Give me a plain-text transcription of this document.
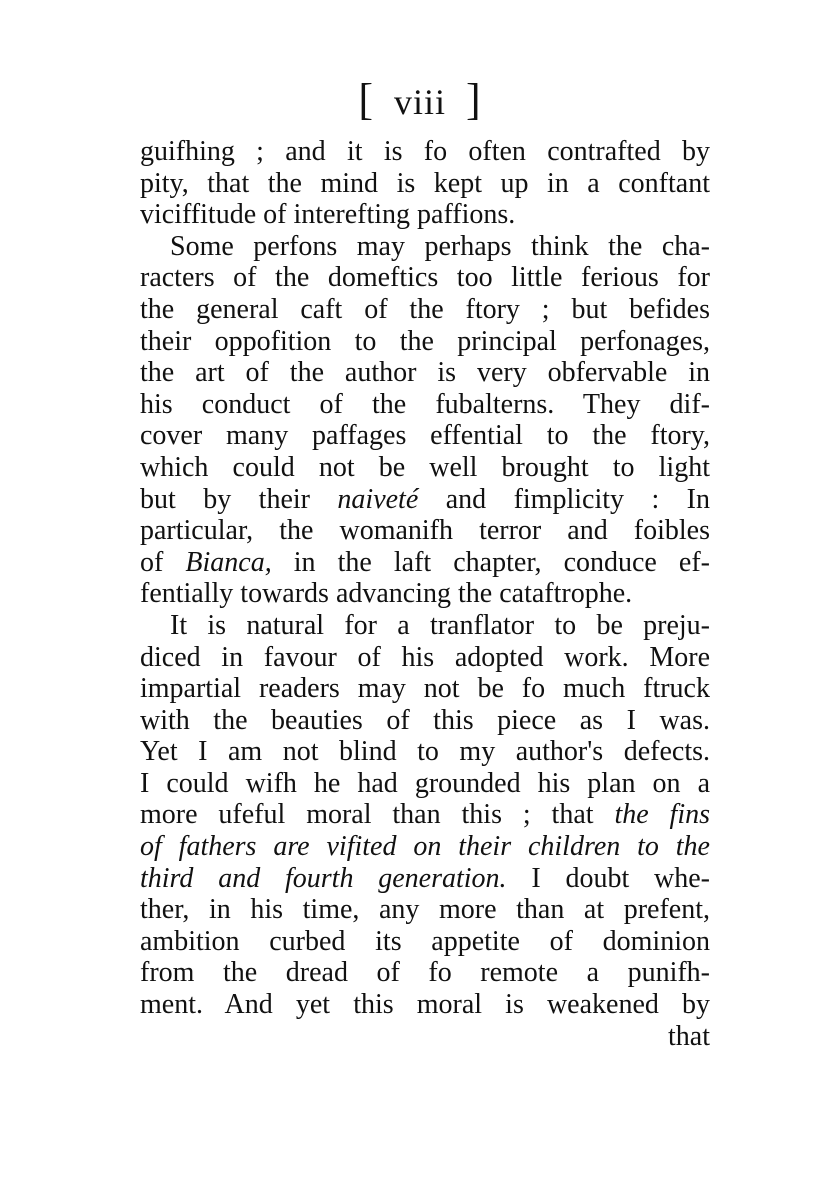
[ viii ]
guifhing ; and it is fo often contrafted by
pity, that the mind is kept up in a conftant
viciffitude of interefting paffions.
Some perfons may perhaps think the cha-
racters of the domeftics too little ferious for
the general caft of the ftory ; but befides
their oppofition to the principal perfonages,
the art of the author is very obfervable in
his conduct of the fubalterns. They dif-
cover many paffages effential to the ftory,
which could not be well brought to light
but by their naiveté and fimplicity : In
particular, the womanifh terror and foibles
of Bianca, in the laft chapter, conduce ef-
fentially towards advancing the cataftrophe.
It is natural for a tranflator to be preju-
diced in favour of his adopted work. More
impartial readers may not be fo much ftruck
with the beauties of this piece as I was.
Yet I am not blind to my author's defects.
I could wifh he had grounded his plan on a
more ufeful moral than this ; that the fins
of fathers are vifited on their children to the
third and fourth generation. I doubt whe-
ther, in his time, any more than at prefent,
ambition curbed its appetite of dominion
from the dread of fo remote a punifh-
ment. And yet this moral is weakened by
that
